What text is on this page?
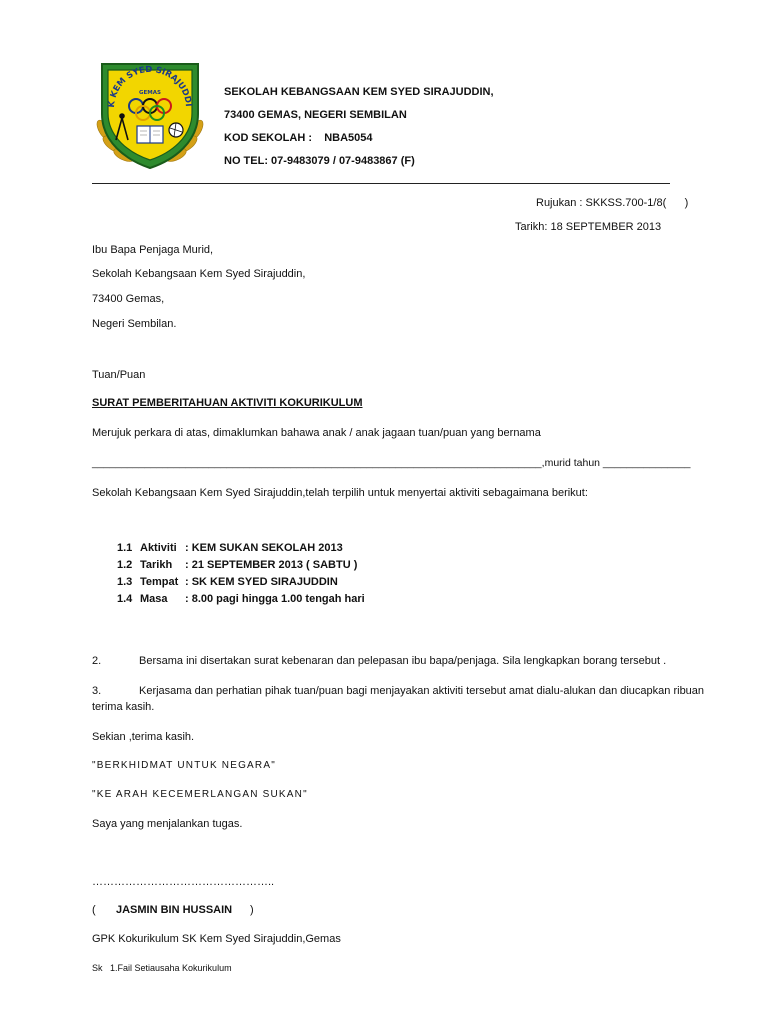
K KEM SYED SIRAJUDDI
GEMAS	SEKOLAH KEBANGSAAN KEM SYED SIRAJUDDIN,
73400 GEMAS, NEGERI SEMBILAN
KOD SEKOLAH :    NBA5054
NO TEL: 07-9483079 / 07-9483867 (F)
Rujukan : SKKSS.700-1/8(      )
Tarikh: 18 SEPTEMBER 2013
Ibu Bapa Penjaga Murid,
Sekolah Kebangsaan Kem Syed Sirajuddin,
73400 Gemas,
Negeri Sembilan.
Tuan/Puan
SURAT PEMBERITAHUAN AKTIVITI KOKURIKULUM
Merujuk perkara di atas, dimaklumkan bahawa anak / anak jagaan tuan/puan yang bernama
_____________________________________________________________________________,murid tahun _______________
Sekolah Kebangsaan Kem Syed Sirajuddin,telah terpilih untuk menyertai aktiviti sebagaimana berikut:
1.1 Aktiviti : KEM SUKAN SEKOLAH 2013
1.2 Tarikh : 21 SEPTEMBER 2013 ( SABTU )
1.3 Tempat : SK KEM SYED SIRAJUDDIN
1.4 Masa : 8.00 pagi hingga 1.00 tengah hari
2.	Bersama ini disertakan surat kebenaran dan pelepasan ibu bapa/penjaga. Sila lengkapkan borang tersebut .
3.	Kerjasama dan perhatian pihak tuan/puan bagi menjayakan aktiviti tersebut amat dialu-alukan dan diucapkan ribuan
terima kasih.
Sekian ,terima kasih.
"BERKHIDMAT UNTUK NEGARA"
"KE ARAH KECEMERLANGAN SUKAN"
Saya yang menjalankan tugas.
…………………………………………..
( JASMIN BIN HUSSAIN )
GPK Kokurikulum SK Kem Syed Sirajuddin,Gemas
Sk   1.Fail Setiausaha Kokurikulum
